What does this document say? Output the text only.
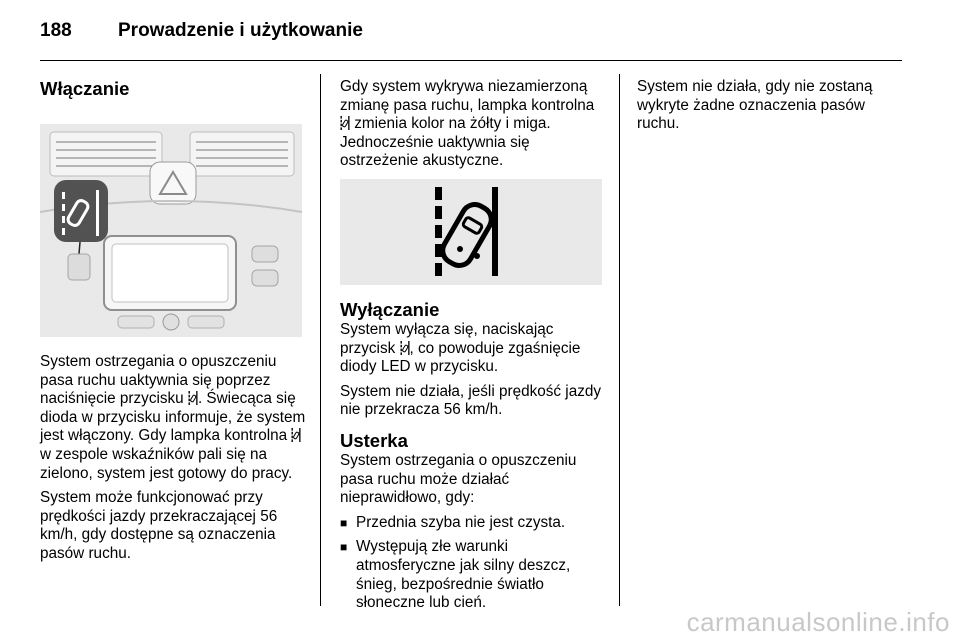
188 Prowadzenie i użytkowanie
Włączanie

System ostrzegania o opuszczeniu pasa ruchu uaktywnia się poprzez naciśnięcie przycisku . Świecąca się dioda w przycisku informuje, że system jest włączony. Gdy lampka kontrolna  w zespole wskaźników pali się na zielono, system jest gotowy do pracy.

System może funkcjonować przy prędkości jazdy przekraczającej 56 km/h, gdy dostępne są oznaczenia pasów ruchu.

Gdy system wykrywa niezamierzoną zmianę pasa ruchu, lampka kontrolna  zmienia kolor na żółty i miga. Jednocześnie uaktywnia się ostrzeżenie akustyczne.

Wyłączanie

System wyłącza się, naciskając przycisk , co powoduje zgaśnięcie diody LED w przycisku.

System nie działa, jeśli prędkość jazdy nie przekracza 56 km/h.

Usterka

System ostrzegania o opuszczeniu pasa ruchu może działać nieprawidłowo, gdy:

■ Przednia szyba nie jest czysta.
■ Występują złe warunki atmosferyczne jak silny deszcz, śnieg, bezpośrednie światło słoneczne lub cień.

System nie działa, gdy nie zostaną wykryte żadne oznaczenia pasów ruchu.

carmanualsonline.info
